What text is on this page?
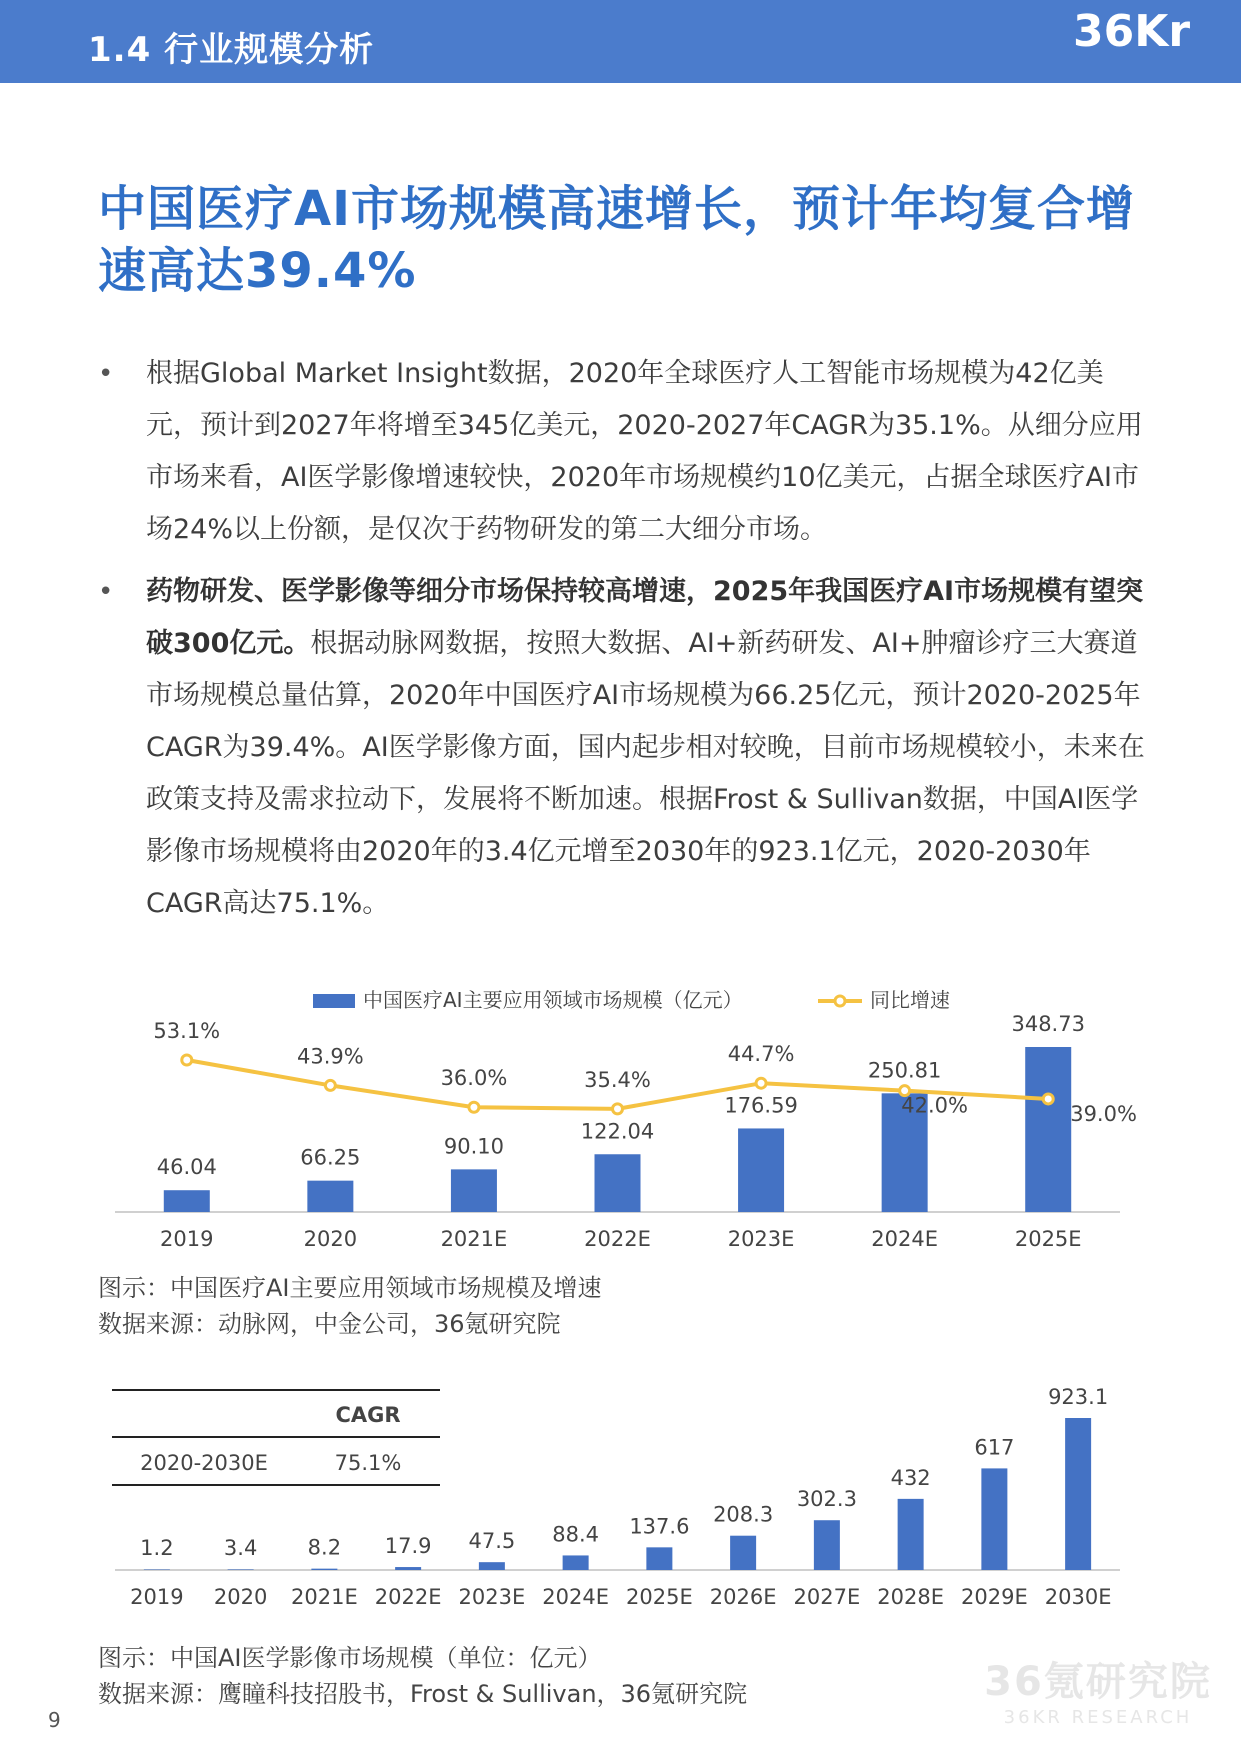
1.4 行业规模分析	36Kr
中国医疗AI市场规模高速增长，预计年均复合增速高达39.4%
• 根据Global Market Insight数据，2020年全球医疗人工智能市场规模为42亿美元，预计到2027年将增至345亿美元，2020-2027年CAGR为35.1%。从细分应用市场来看，AI医学影像增速较快，2020年市场规模约10亿美元，占据全球医疗AI市场24%以上份额，是仅次于药物研发的第二大细分市场。
• 药物研发、医学影像等细分市场保持较高增速，2025年我国医疗AI市场规模有望突破300亿元。根据动脉网数据，按照大数据、AI+新药研发、AI+肿瘤诊疗三大赛道市场规模总量估算，2020年中国医疗AI市场规模为66.25亿元，预计2020-2025年CAGR为39.4%。AI医学影像方面，国内起步相对较晚，目前市场规模较小，未来在政策支持及需求拉动下，发展将不断加速。根据Frost & Sullivan数据，中国AI医学影像市场规模将由2020年的3.4亿元增至2030年的923.1亿元，2020-2030年CAGR高达75.1%。
中国医疗AI主要应用领域市场规模（亿元）	同比增速
46.04
2019
66.25
2020
90.10
2021E
122.04
2022E
176.59
2023E
250.81
2024E
348.73
2025E
53.1%
43.9%
36.0%	35.4%
44.7%
42.0%	39.0%
图示：中国医疗AI主要应用领域市场规模及增速
数据来源：动脉网，中金公司，36氪研究院
CAGR
2020-2030E	75.1%
1.2
2019
3.4
2020
8.2
2021E
17.9
2022E
47.5
2023E
88.4
2024E
137.6
2025E
208.3
2026E
302.3
2027E
432
2028E
617
2029E
923.1
2030E
图示：中国AI医学影像市场规模（单位：亿元）
数据来源：鹰瞳科技招股书，Frost & Sullivan，36氪研究院
9
36氪研究院
36KR RESEARCH
